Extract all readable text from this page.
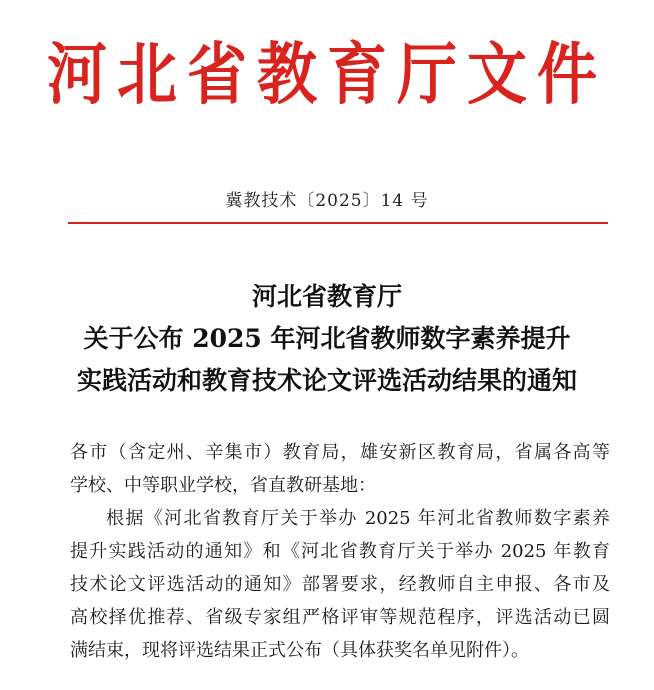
河北省教育厅文件
冀教技术〔2025〕14 号
河北省教育厅
关于公布 2025 年河北省教师数字素养提升
实践活动和教育技术论文评选活动结果的通知
各市（含定州、辛集市）教育局，雄安新区教育局，省属各高等
学校、中等职业学校，省直教研基地：
根据《河北省教育厅关于举办 2025 年河北省教师数字素养
提升实践活动的通知》和《河北省教育厅关于举办 2025 年教育
技术论文评选活动的通知》部署要求，经教师自主申报、各市及
高校择优推荐、省级专家组严格评审等规范程序，评选活动已圆
满结束，现将评选结果正式公布（具体获奖名单见附件）。
